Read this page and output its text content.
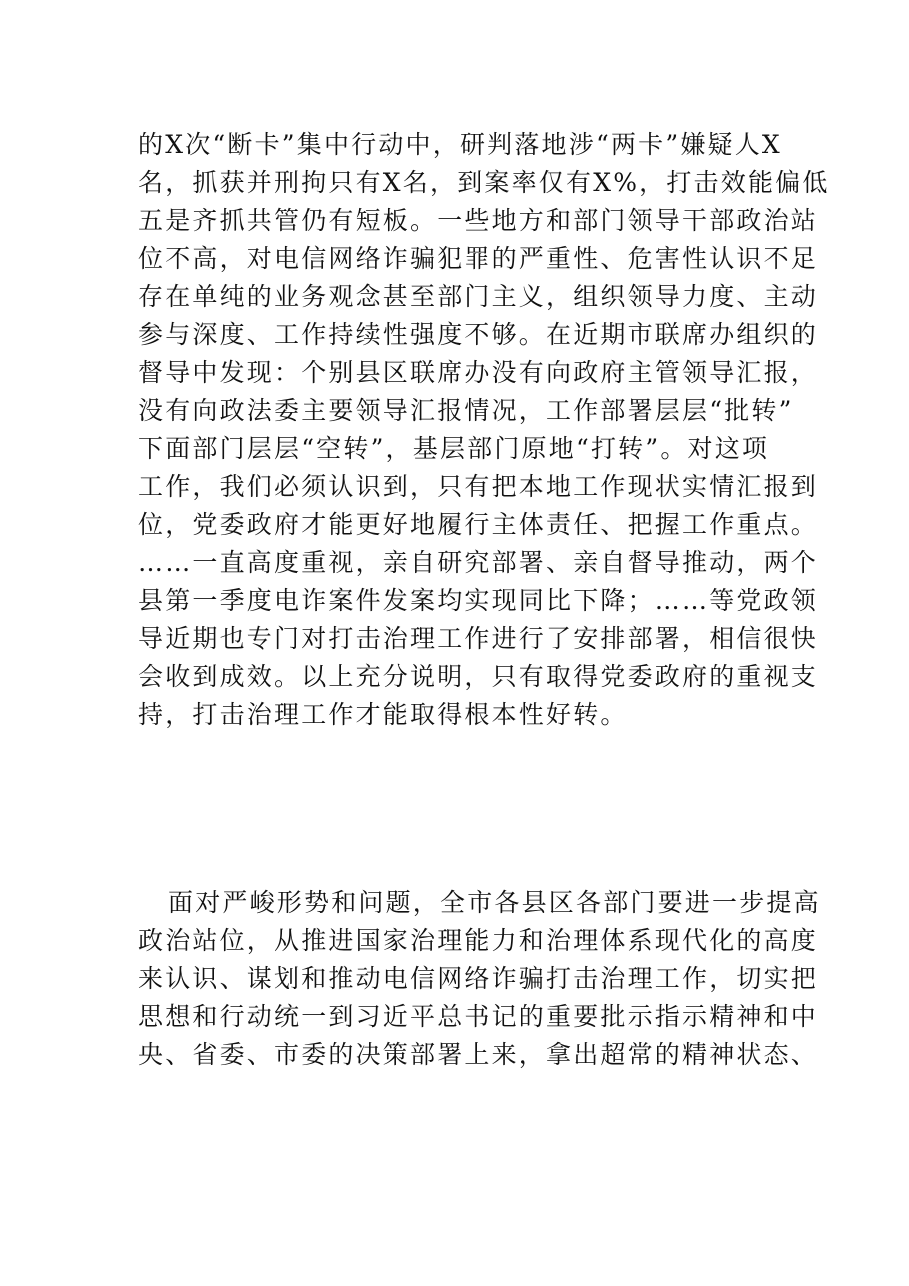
的X次“断卡”集中行动中，研判落地涉“两卡”嫌疑人X
名，抓获并刑拘只有X名，到案率仅有X%，打击效能偏低
五是齐抓共管仍有短板。一些地方和部门领导干部政治站
位不高，对电信网络诈骗犯罪的严重性、危害性认识不足
存在单纯的业务观念甚至部门主义，组织领导力度、主动
参与深度、工作持续性强度不够。在近期市联席办组织的
督导中发现：个别县区联席办没有向政府主管领导汇报，
没有向政法委主要领导汇报情况，工作部署层层“批转”
下面部门层层“空转”，基层部门原地“打转”。对这项
工作，我们必须认识到，只有把本地工作现状实情汇报到
位，党委政府才能更好地履行主体责任、把握工作重点。
……一直高度重视，亲自研究部署、亲自督导推动，两个
县第一季度电诈案件发案均实现同比下降；……等党政领
导近期也专门对打击治理工作进行了安排部署，相信很快
会收到成效。以上充分说明，只有取得党委政府的重视支
持，打击治理工作才能取得根本性好转。
面对严峻形势和问题，全市各县区各部门要进一步提高
政治站位，从推进国家治理能力和治理体系现代化的高度
来认识、谋划和推动电信网络诈骗打击治理工作，切实把
思想和行动统一到习近平总书记的重要批示指示精神和中
央、省委、市委的决策部署上来，拿出超常的精神状态、
